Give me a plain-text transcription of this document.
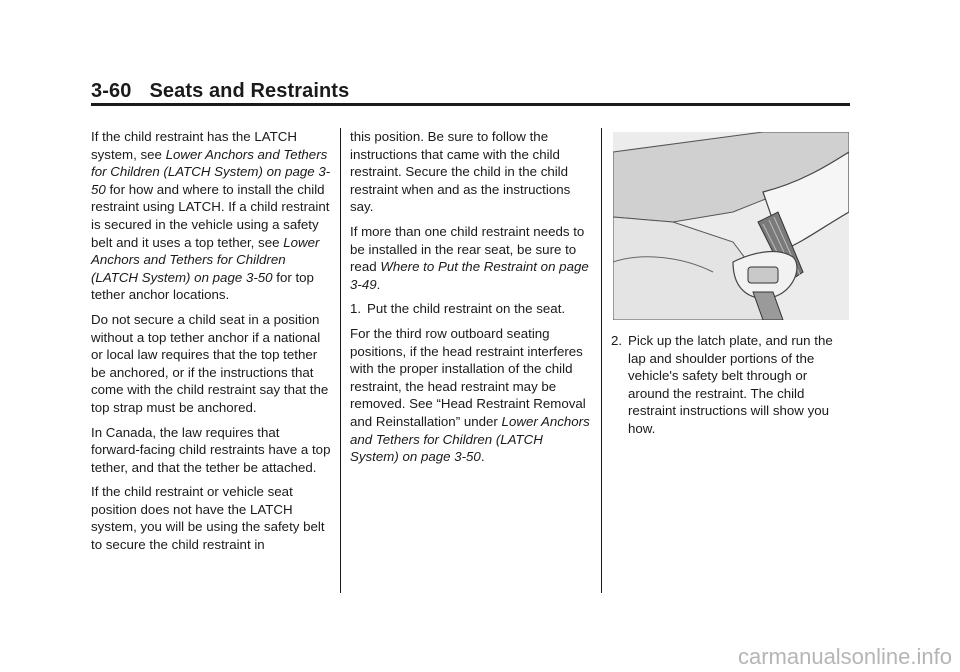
3-60 Seats and Restraints

If the child restraint has the LATCH system, see Lower Anchors and Tethers for Children (LATCH System) on page 3-50 for how and where to install the child restraint using LATCH. If a child restraint is secured in the vehicle using a safety belt and it uses a top tether, see Lower Anchors and Tethers for Children (LATCH System) on page 3-50 for top tether anchor locations.

Do not secure a child seat in a position without a top tether anchor if a national or local law requires that the top tether be anchored, or if the instructions that come with the child restraint say that the top strap must be anchored.

In Canada, the law requires that forward-facing child restraints have a top tether, and that the tether be attached.

If the child restraint or vehicle seat position does not have the LATCH system, you will be using the safety belt to secure the child restraint in

this position. Be sure to follow the instructions that came with the child restraint. Secure the child in the child restraint when and as the instructions say.

If more than one child restraint needs to be installed in the rear seat, be sure to read Where to Put the Restraint on page 3-49.

1. Put the child restraint on the seat.

For the third row outboard seating positions, if the head restraint interferes with the proper installation of the child restraint, the head restraint may be removed. See “Head Restraint Removal and Reinstallation” under Lower Anchors and Tethers for Children (LATCH System) on page 3-50.

2. Pick up the latch plate, and run the lap and shoulder portions of the vehicle's safety belt through or around the restraint. The child restraint instructions will show you how.

carmanualsonline.info
